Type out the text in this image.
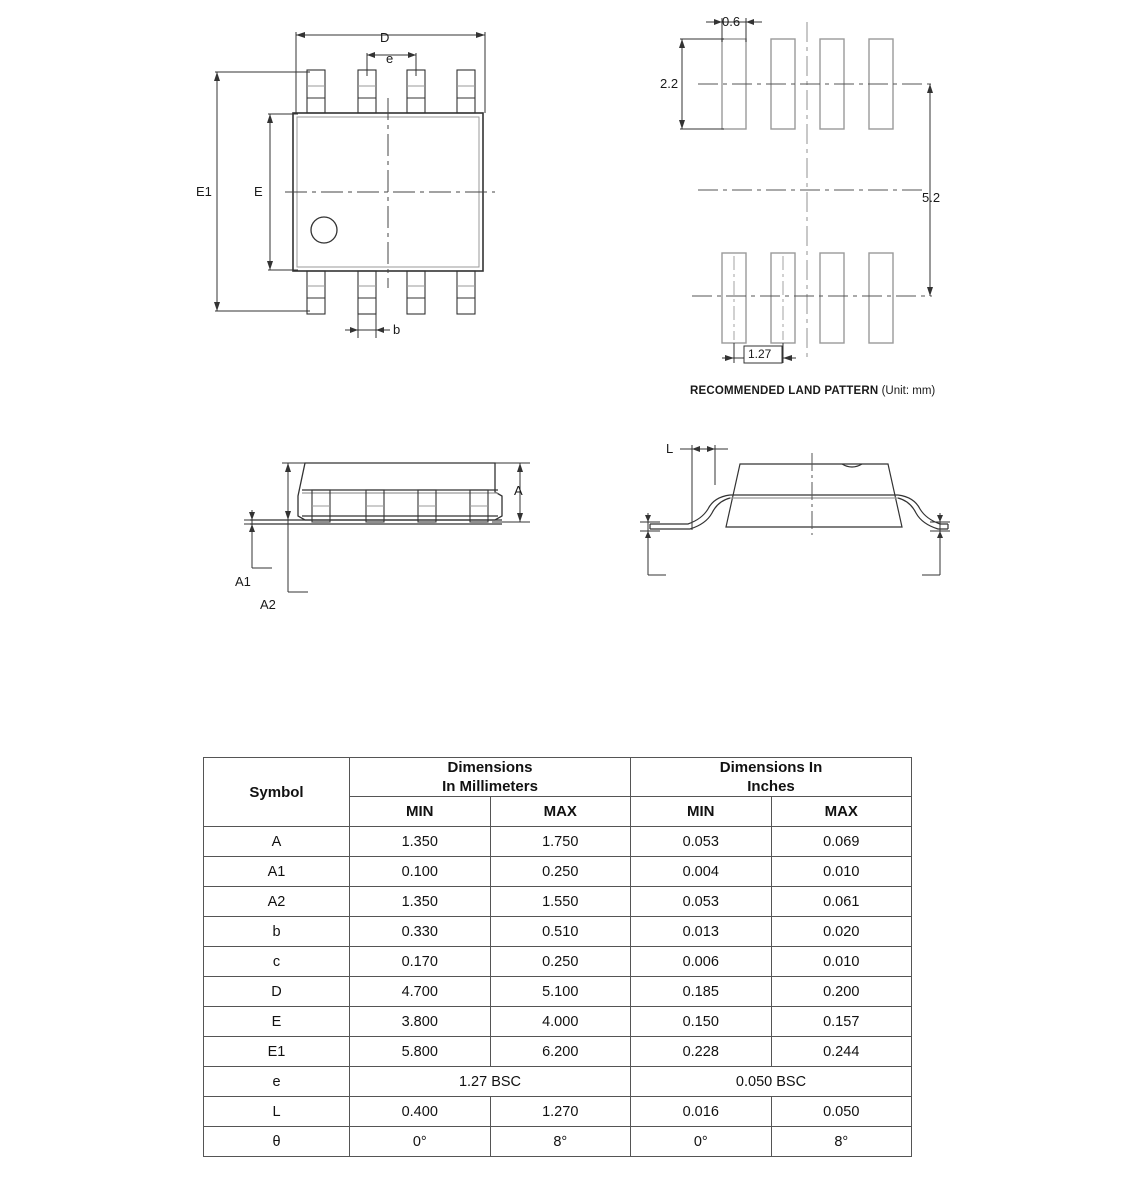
D
e
b
E
E1
0.6
2.2
5.2
1.27
RECOMMENDED LAND PATTERN (Unit: mm)
A
A1
A2
L
Symbol	
Dimensions
In Millimeters

Dimensions In
Inches

	MIN	MAX	MIN	MAX
A	1.350	1.750	0.053	0.069
A1	0.100	0.250	0.004	0.010
A2	1.350	1.550	0.053	0.061
b	0.330	0.510	0.013	0.020
c	0.170	0.250	0.006	0.010
D	4.700	5.100	0.185	0.200
E	3.800	4.000	0.150	0.157
E1	5.800	6.200	0.228	0.244
e	1.27 BSC		0.050 BSC	
L	0.400	1.270	0.016	0.050
θ	0°	8°	0°	8°
